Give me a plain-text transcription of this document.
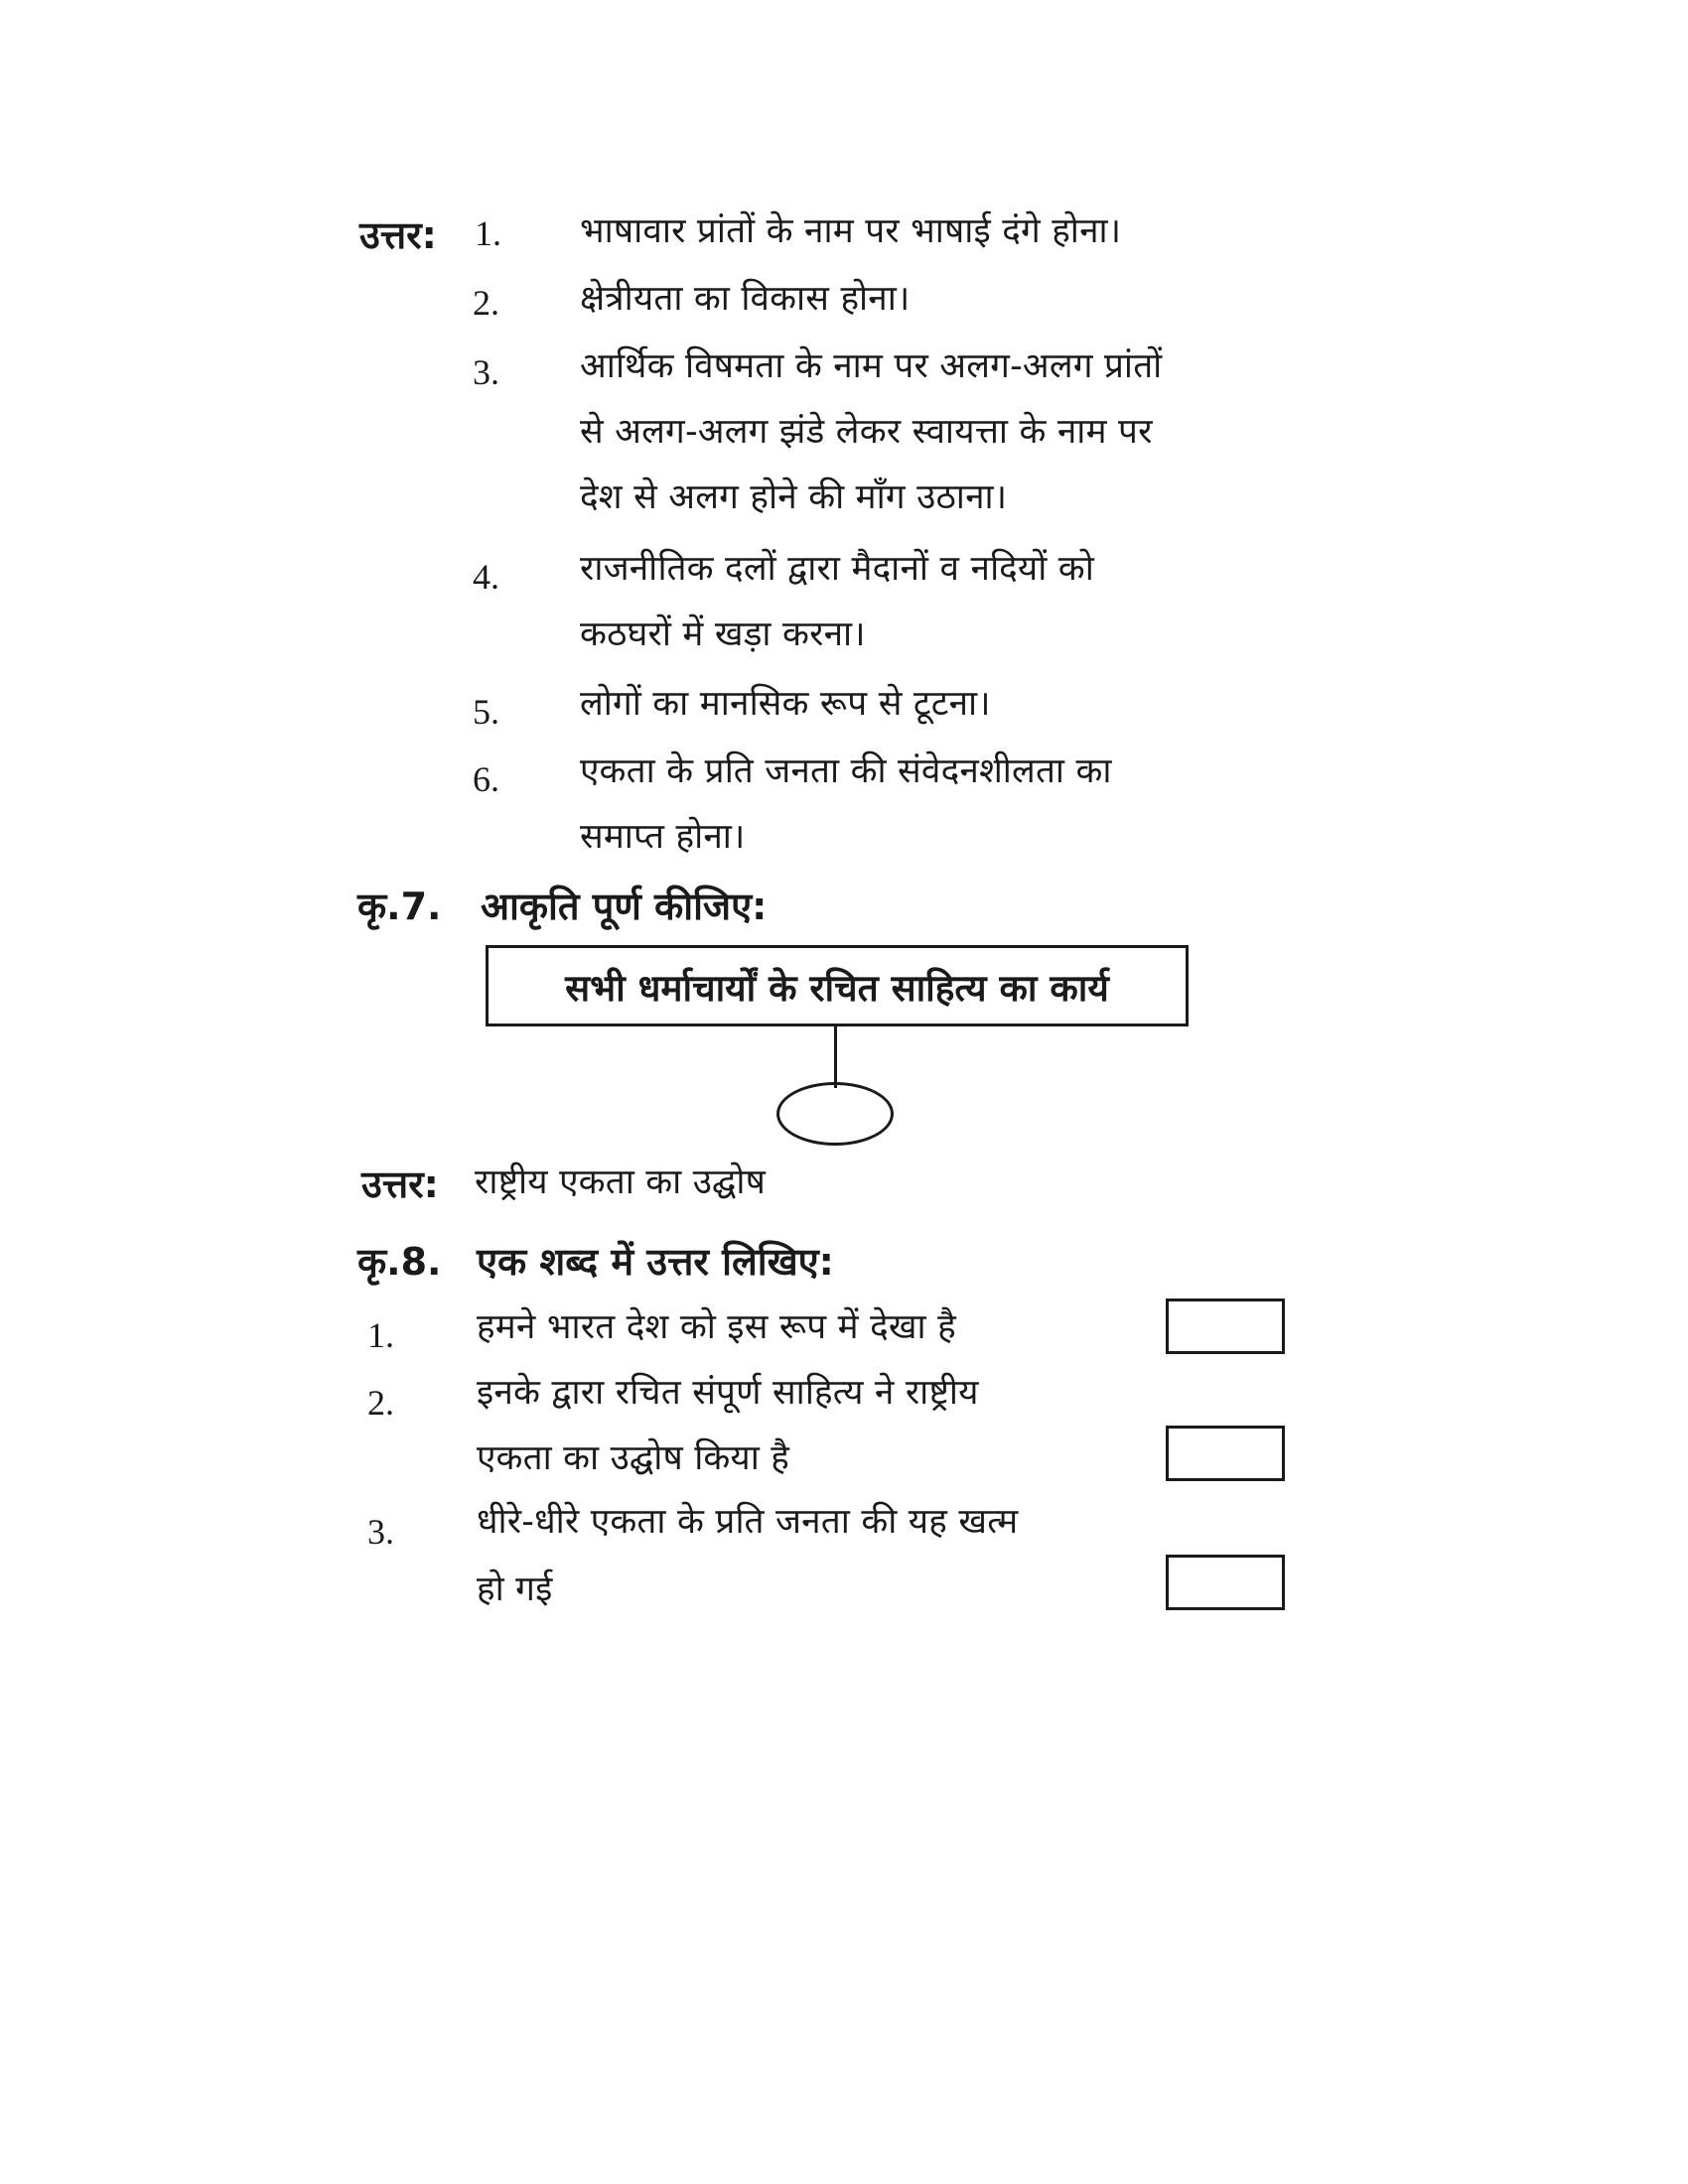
उत्तर: 1. भाषावार प्रांतों के नाम पर भाषाई दंगे होना।
2. क्षेत्रीयता का विकास होना।
3. आर्थिक विषमता के नाम पर अलग-अलग प्रांतों
से अलग-अलग झंडे लेकर स्वायत्ता के नाम पर
देश से अलग होने की माँग उठाना।
4. राजनीतिक दलों द्वारा मैदानों व नदियों को
कठघरों में खड़ा करना।
5. लोगों का मानसिक रूप से टूटना।
6. एकता के प्रति जनता की संवेदनशीलता का
समाप्त होना।
कृ.7. आकृति पूर्ण कीजिए:
सभी धर्माचार्यों के रचित साहित्य का कार्य
उत्तर: राष्ट्रीय एकता का उद्घोष
कृ.8. एक शब्द में उत्तर लिखिए:
1. हमने भारत देश को इस रूप में देखा है
2. इनके द्वारा रचित संपूर्ण साहित्य ने राष्ट्रीय
एकता का उद्घोष किया है
3. धीरे-धीरे एकता के प्रति जनता की यह खत्म
हो गई
